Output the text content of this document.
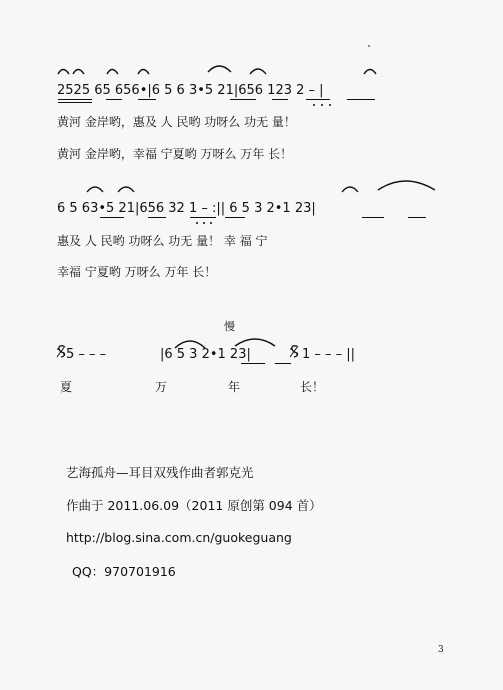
2525 65 656•|6 5 6 3•5 21|656 123 2 – |
黄河 金岸哟，惠及 人 民哟 功呀么 功无 量！
黄河 金岸哟，幸福 宁夏哟 万呀么 万年 长！
6 5 63•5 21|656 32 1 – :|| 6 5 3 2•1 23|
惠及 人 民哟 功呀么 功无 量！ 幸 福 宁
幸福 宁夏哟 万呀么 万年 长！
慢
5 – – –	|6 5 3 2•1 23|	1 – – – ||
夏	万	年	长！
艺海孤舟—耳目双残作曲者郭克光
作曲于 2011.06.09（2011 原创第 094 首）
http://blog.sina.com.cn/guokeguang
QQ：970701916
3
